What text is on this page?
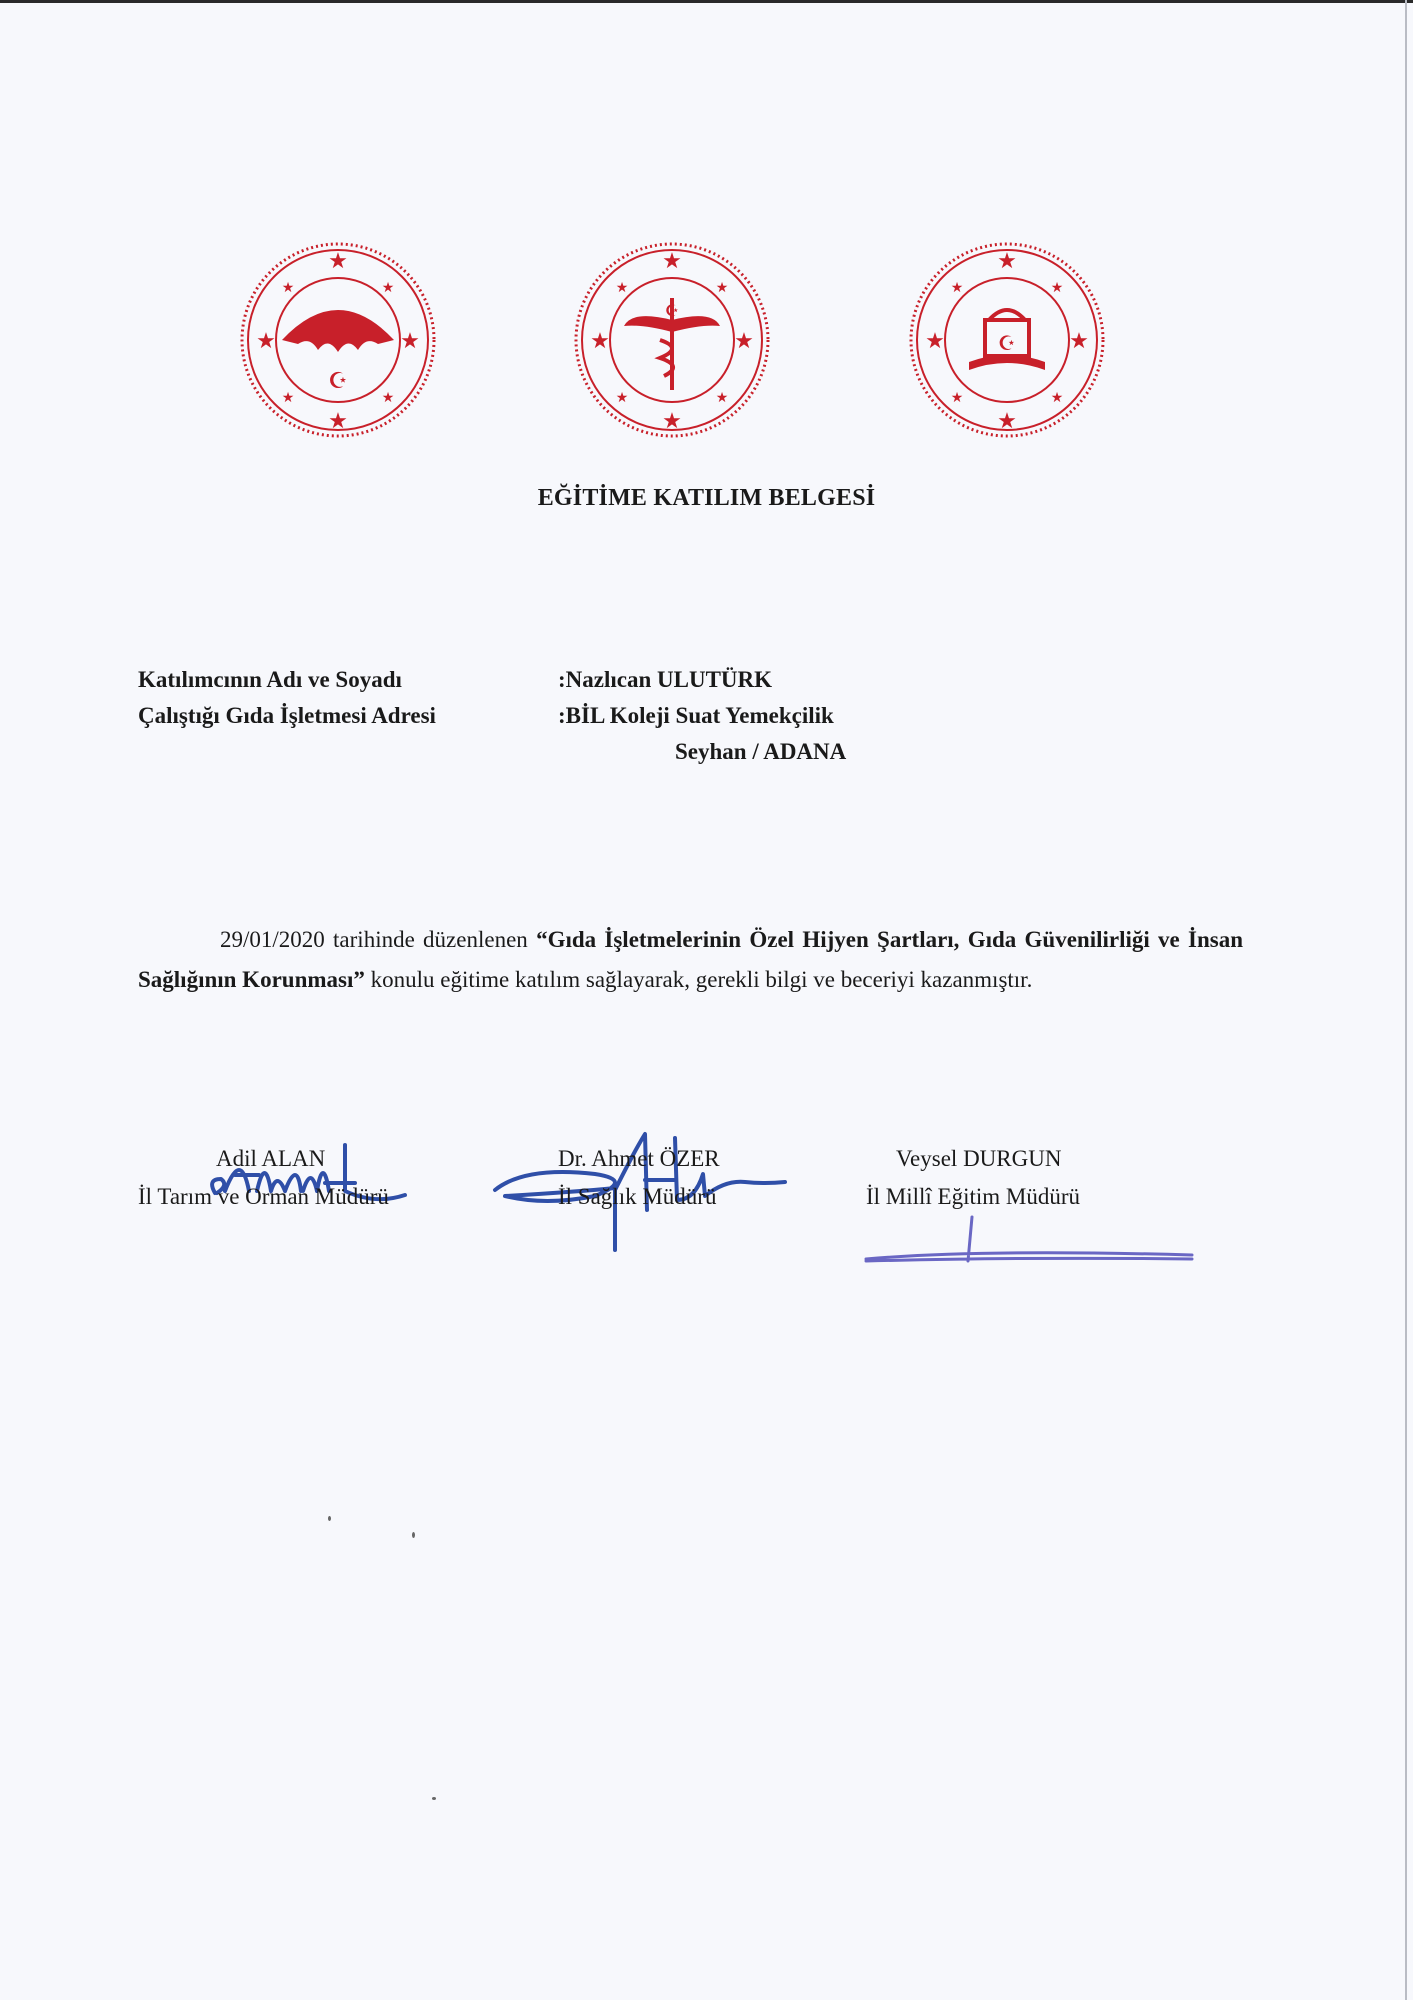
★
★	★
★
★	★
★	★
☪
★
★	★
★
★	★
★	★
☪
★
★	★
★
★	★
★	★
☪
EĞİTİME KATILIM BELGESİ
Katılımcının Adı ve Soyadı	:Nazlıcan ULUTÜRK
Çalıştığı Gıda İşletmesi Adresi	:BİL Koleji Suat Yemekçilik
Seyhan / ADANA

29/01/2020 tarihinde düzenlenen “Gıda İşletmelerinin Özel Hijyen Şartları, Gıda Güvenilirliği ve İnsan Sağlığının Korunması” konulu eğitime katılım sağlayarak, gerekli bilgi ve beceriyi kazanmıştır.

Adil ALAN
İl Tarım ve Orman Müdürü
Dr. Ahmet ÖZER
İl Sağlık Müdürü
Veysel DURGUN
İl Millî Eğitim Müdürü
